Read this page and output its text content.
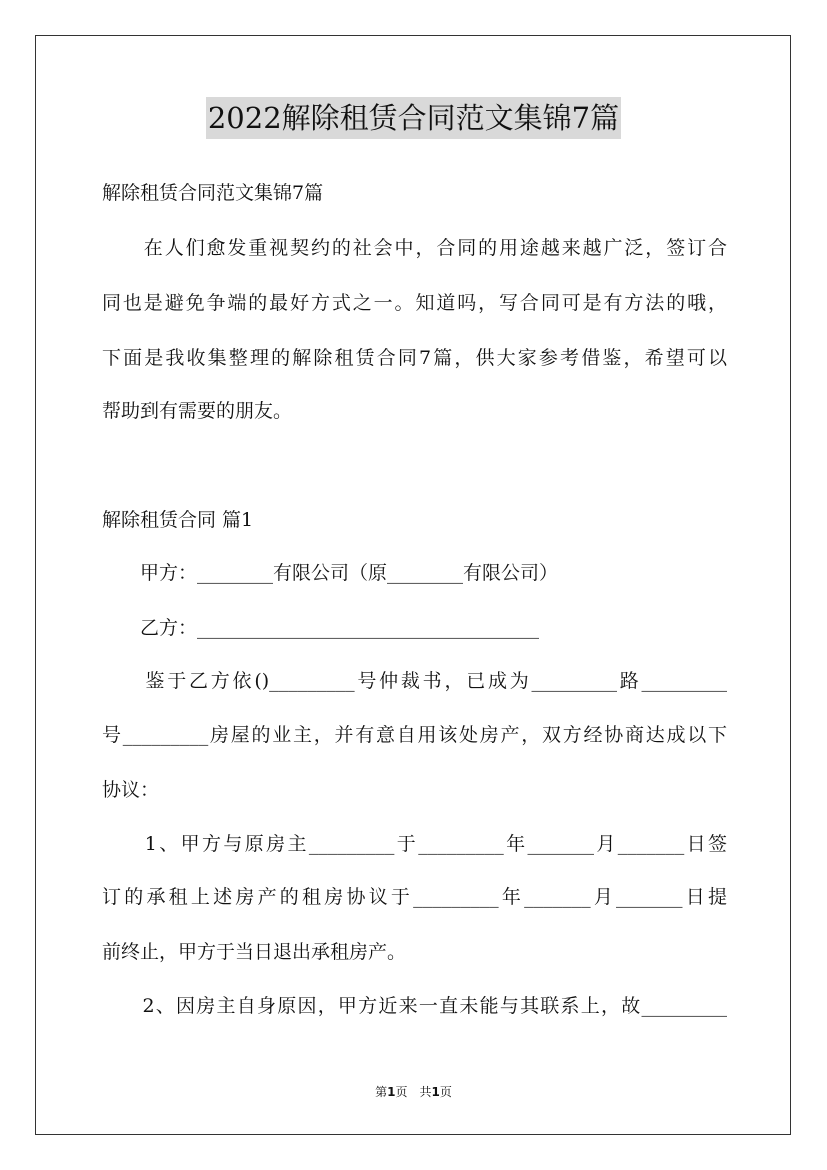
2022解除租赁合同范文集锦7篇
解除租赁合同范文集锦7篇
　　在人们愈发重视契约的社会中，合同的用途越来越广泛，签订合
同也是避免争端的最好方式之一。知道吗，写合同可是有方法的哦，
下面是我收集整理的解除租赁合同7篇，供大家参考借鉴，希望可以
帮助到有需要的朋友。
解除租赁合同 篇1
　　甲方：________有限公司（原________有限公司）
　　乙方：____________________________________
　　鉴于乙方依()_________号仲裁书，已成为_________路_________
号_________房屋的业主，并有意自用该处房产，双方经协商达成以下
协议：
　　1、甲方与原房主_________于_________年_______月_______日签
订的承租上述房产的租房协议于_________年_______月_______日提
前终止，甲方于当日退出承租房产。
　　2、因房主自身原因，甲方近来一直未能与其联系上，故_________
第1页　共1页
